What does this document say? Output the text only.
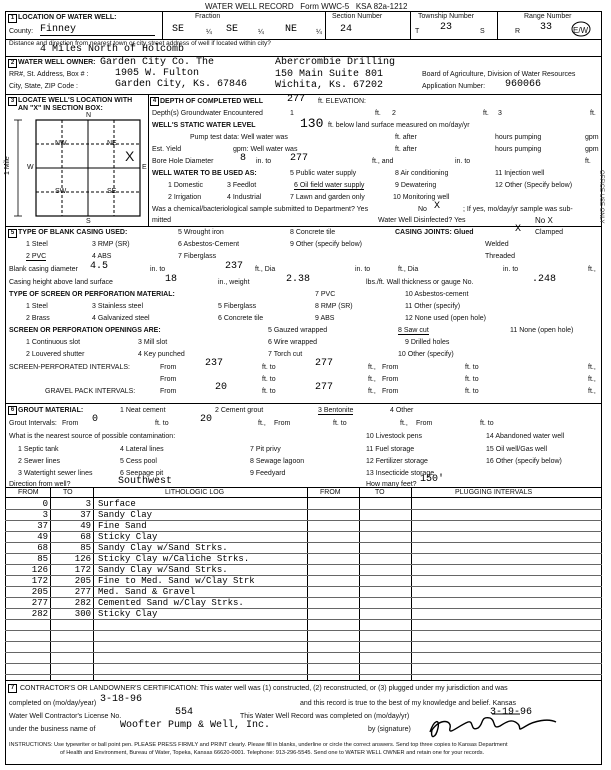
WATER WELL RECORD Form WWC-5 KSA 82a-1212
1 LOCATION OF WATER WELL:
County: Finney
Fraction
SE	¼ SE	¼ NE	¼
Section Number
24
Township Number
T 23	S
Range Number
R 33	E/W
Distance and direction from nearest town or city street address of well if located within city?
4 Miles North of Holcomb
2 WATER WELL OWNER: Garden City Co. The	Abercrombie Drilling
RR#, St. Address, Box # :	1905 W. Fulton	150 Main Suite 801
City, State, ZIP Code :	Garden City, Ks. 67846	Wichita, Ks. 67202
Board of Agriculture, Division of Water Resources
Application Number: 960066
3 LOCATE WELL'S LOCATION WITH
AN "X" IN SECTION BOX:
N
S
W	E
NW	NE
SW	SE
X
1 Mile
4 DEPTH OF COMPLETED WELL 277 ft. ELEVATION:
Depth(s) Groundwater Encountered	1	ft. 2	ft. 3	ft.
WELL'S STATIC WATER LEVEL	130 ft. below land surface measured on mo/day/yr
Pump test data: Well water was	ft. after	hours pumping	gpm
Est. Yield	gpm: Well water was	ft. after	hours pumping	gpm
Bore Hole Diameter	8 in. to 277	ft., and	in. to	ft.
WELL WATER TO BE USED AS:	5 Public water supply	8 Air conditioning	11 Injection well
1 Domestic	3 Feedlot	6 Oil field water supply	9 Dewatering	12 Other (Specify below)
2 Irrigation	4 Industrial	7 Lawn and garden only	10 Monitoring well
Was a chemical/bacteriological sample submitted to Department? Yes	No X	; If yes, mo/day/yr sample was sub-
mitted	Water Well Disinfected? Yes	No X
5 TYPE OF BLANK CASING USED:	5 Wrought iron	8 Concrete tile	CASING JOINTS: Glued	X Clamped
1 Steel	3 RMP (SR)	6 Asbestos-Cement	9 Other (specify below)	Welded
2 PVC	4 ABS	7 Fiberglass	Threaded
Blank casing diameter 4.5	in. to	237 ft., Dia	in. to	ft., Dia	in. to	ft.,
Casing height above land surface	18	in., weight	2.38	lbs./ft. Wall thickness or gauge No.	.248
TYPE OF SCREEN OR PERFORATION MATERIAL:	7 PVC	10 Asbestos-cement
1 Steel	3 Stainless steel	5 Fiberglass	8 RMP (SR)	11 Other (specify)
2 Brass	4 Galvanized steel	6 Concrete tile	9 ABS	12 None used (open hole)
SCREEN OR PERFORATION OPENINGS ARE:	5 Gauzed wrapped	8 Saw cut	11 None (open hole)
1 Continuous slot	3 Mill slot	6 Wire wrapped	9 Drilled holes
2 Louvered shutter	4 Key punched	7 Torch cut	10 Other (specify)
SCREEN-PERFORATED INTERVALS:	From	237	ft. to	277	ft., From	ft. to	ft.,
From	ft. to	ft., From	ft. to	ft.,
GRAVEL PACK INTERVALS:	From	20	ft. to	277	ft., From	ft. to	ft.,
6 GROUT MATERIAL:	1 Neat cement	2 Cement grout	3 Bentonite	4 Other
Grout Intervals: From 0	ft. to	20	ft., From	ft. to	ft., From	ft. to
What is the nearest source of possible contamination:	10 Livestock pens	14 Abandoned water well
1 Septic tank	4 Lateral lines	7 Pit privy	11 Fuel storage	15 Oil well/Gas well
2 Sewer lines	5 Cess pool	8 Sewage lagoon	12 Fertilizer storage	16 Other (specify below)
3 Watertight sewer lines	6 Seepage pit	9 Feedyard	13 Insecticide storage
Direction from well?	Southwest	How many feet? 150'
FROM	TO	LITHOLOGIC LOG	FROM	TO	PLUGGING INTERVALS
0	3 Surface
3	37 Sandy Clay
37	49 Fine Sand
49	68 Sticky Clay
68	85 Sandy Clay w/Sand Strks.
85	126 Sticky Clay w/Caliche Strks.
126	172 Sandy Clay w/Sand Strks.
172	205 Fine to Med. Sand w/Clay Strk
205	277 Med. Sand & Gravel
277	282 Cemented Sand w/Clay Strks.
282	300 Sticky Clay
7 CONTRACTOR'S OR LANDOWNER'S CERTIFICATION: This water well was (1) constructed, (2) reconstructed, or (3) plugged under my jurisdiction and was
completed on (mo/day/year) 3-18-96	and this record is true to the best of my knowledge and belief. Kansas
Water Well Contractor's License No.	554	This Water Well Record was completed on (mo/day/yr)	3-19-96
under the business name of Woofter Pump & Well, Inc.	by (signature)
INSTRUCTIONS: Use typewriter or ball point pen. PLEASE PRESS FIRMLY and PRINT clearly. Please fill in blanks, underline or circle the correct answers. Send top three copies to Kansas Department
of Health and Environment, Bureau of Water, Topeka, Kansas 66620-0001. Telephone: 913-296-5545. Send one to WATER WELL OWNER and retain one for your records.
OFFICE USE ONLY
